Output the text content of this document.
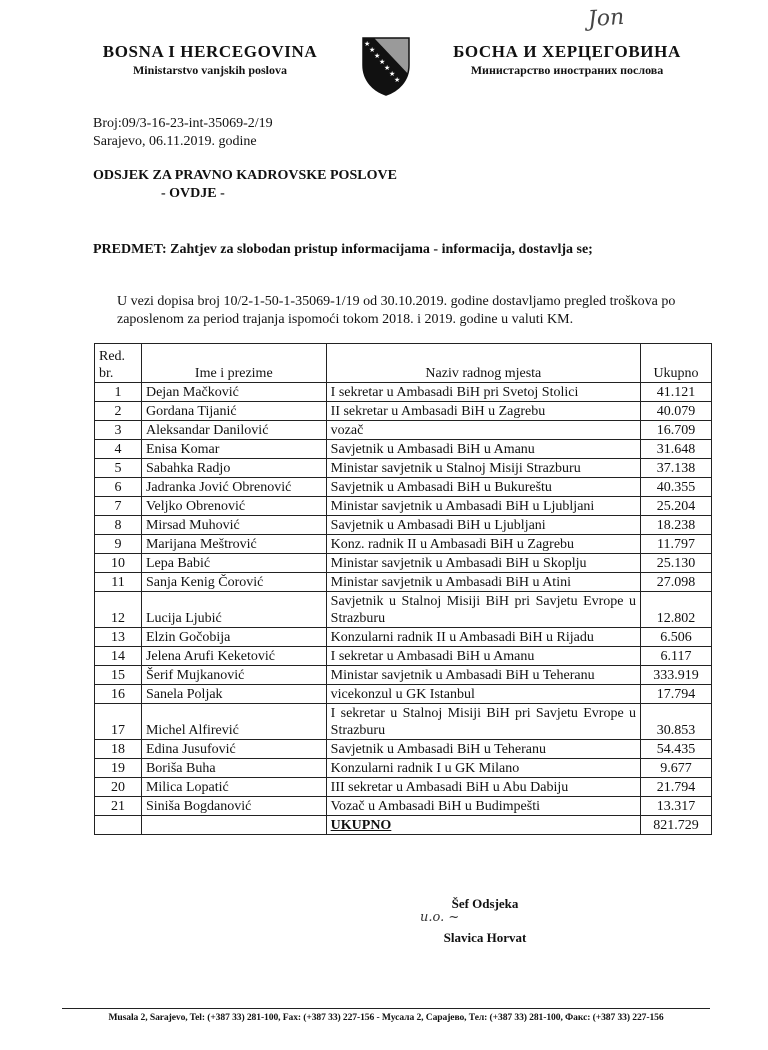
Jon
BOSNA I HERCEGOVINA
Ministarstvo vanjskih poslova
★
★
★
★
★
★
★
БОСНА И ХЕРЦЕГОВИНА
Министарство иностраних послова
Broj:09/3-16-23-int-35069-2/19
Sarajevo, 06.11.2019. godine
ODSJEK ZA PRAVNO KADROVSKE POSLOVE
- OVDJE -
PREDMET: Zahtjev za slobodan pristup informacijama - informacija, dostavlja se;
U vezi dopisa broj 10/2-1-50-1-35069-1/19 od 30.10.2019. godine dostavljamo pregled troškova po zaposlenom za period trajanja ispomoći tokom 2018. i 2019. godine u valuti KM.
Red.
br.	Ime i prezime	Naziv radnog mjesta	Ukupno
1	Dejan Mačković	I sekretar u Ambasadi BiH pri Svetoj Stolici	41.121
2	Gordana Tijanić	II sekretar u Ambasadi BiH u Zagrebu	40.079
3	Aleksandar Danilović	vozač	16.709
4	Enisa Komar	Savjetnik u Ambasadi BiH u Amanu	31.648
5	Sabahka Radjo	Ministar savjetnik u Stalnoj Misiji Strazburu	37.138
6	Jadranka Jović Obrenović	Savjetnik u Ambasadi BiH u Bukureštu	40.355
7	Veljko Obrenović	Ministar savjetnik u Ambasadi BiH u Ljubljani	25.204
8	Mirsad Muhović	Savjetnik u Ambasadi BiH u Ljubljani	18.238
9	Marijana Meštrović	Konz. radnik II u Ambasadi BiH u Zagrebu	11.797
10	Lepa Babić	Ministar savjetnik u Ambasadi BiH u Skoplju	25.130
11	Sanja Kenig Čorović	Ministar savjetnik u Ambasadi BiH u Atini	27.098
12	Lucija Ljubić	Savjetnik u Stalnoj Misiji BiH pri Savjetu Evrope u Strazburu	12.802
13	Elzin Gočobija	Konzularni radnik II u Ambasadi BiH u Rijadu	6.506
14	Jelena Arufi Keketović	I sekretar u Ambasadi BiH u Amanu	6.117
15	Šerif Mujkanović	Ministar savjetnik u Ambasadi BiH u Teheranu	333.919
16	Sanela Poljak	vicekonzul u GK Istanbul	17.794
17	Michel Alfirević	I sekretar u Stalnoj Misiji BiH pri Savjetu Evrope u Strazburu	30.853
18	Edina Jusufović	Savjetnik u Ambasadi BiH u Teheranu	54.435
19	Boriša Buha	Konzularni radnik I u GK Milano	9.677
20	Milica Lopatić	III sekretar u Ambasadi BiH u Abu Dabiju	21.794
21	Siniša Bogdanović	Vozač u Ambasadi BiH u Budimpešti	13.317
		UKUPNO	821.729
Šef Odsjeka
Slavica Horvat
u.o. ~
Musala 2, Sarajevo, Tel: (+387 33) 281-100, Fax: (+387 33) 227-156 - Мусала 2, Сарајево, Тел: (+387 33) 281-100, Факс: (+387 33) 227-156
